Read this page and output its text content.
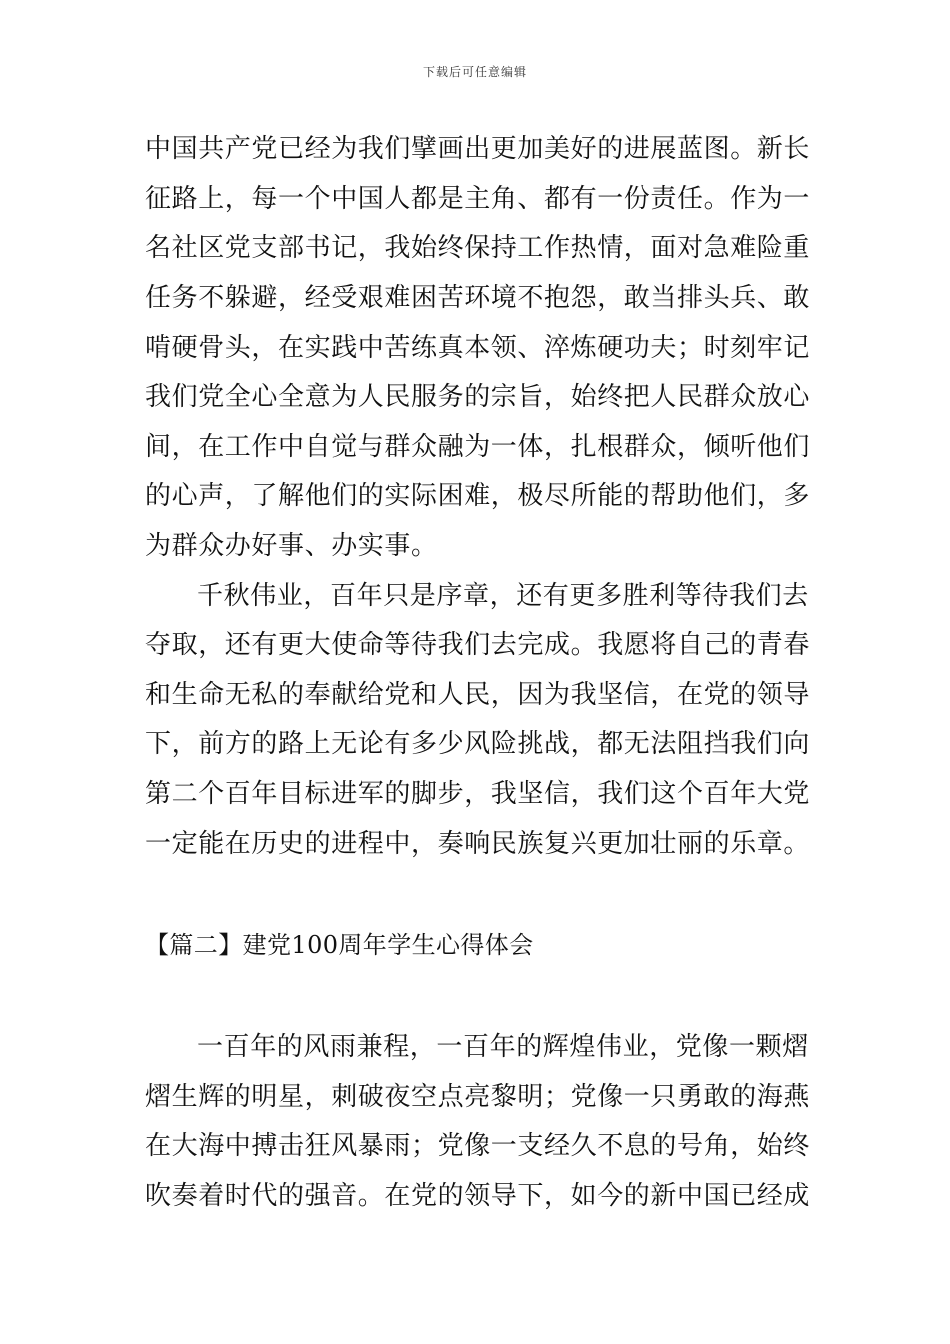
下载后可任意编辑
中国共产党已经为我们擘画出更加美好的进展蓝图。新长
征路上，每一个中国人都是主角、都有一份责任。作为一
名社区党支部书记，我始终保持工作热情，面对急难险重
任务不躲避，经受艰难困苦环境不抱怨，敢当排头兵、敢
啃硬骨头，在实践中苦练真本领、淬炼硬功夫；时刻牢记
我们党全心全意为人民服务的宗旨，始终把人民群众放心
间，在工作中自觉与群众融为一体，扎根群众，倾听他们
的心声，了解他们的实际困难，极尽所能的帮助他们，多
为群众办好事、办实事。
千秋伟业，百年只是序章，还有更多胜利等待我们去
夺取，还有更大使命等待我们去完成。我愿将自己的青春
和生命无私的奉献给党和人民，因为我坚信，在党的领导
下，前方的路上无论有多少风险挑战，都无法阻挡我们向
第二个百年目标进军的脚步，我坚信，我们这个百年大党
一定能在历史的进程中，奏响民族复兴更加壮丽的乐章。
【篇二】建党100周年学生心得体会
一百年的风雨兼程，一百年的辉煌伟业，党像一颗熠
熠生辉的明星，刺破夜空点亮黎明；党像一只勇敢的海燕
在大海中搏击狂风暴雨；党像一支经久不息的号角，始终
吹奏着时代的强音。在党的领导下，如今的新中国已经成
